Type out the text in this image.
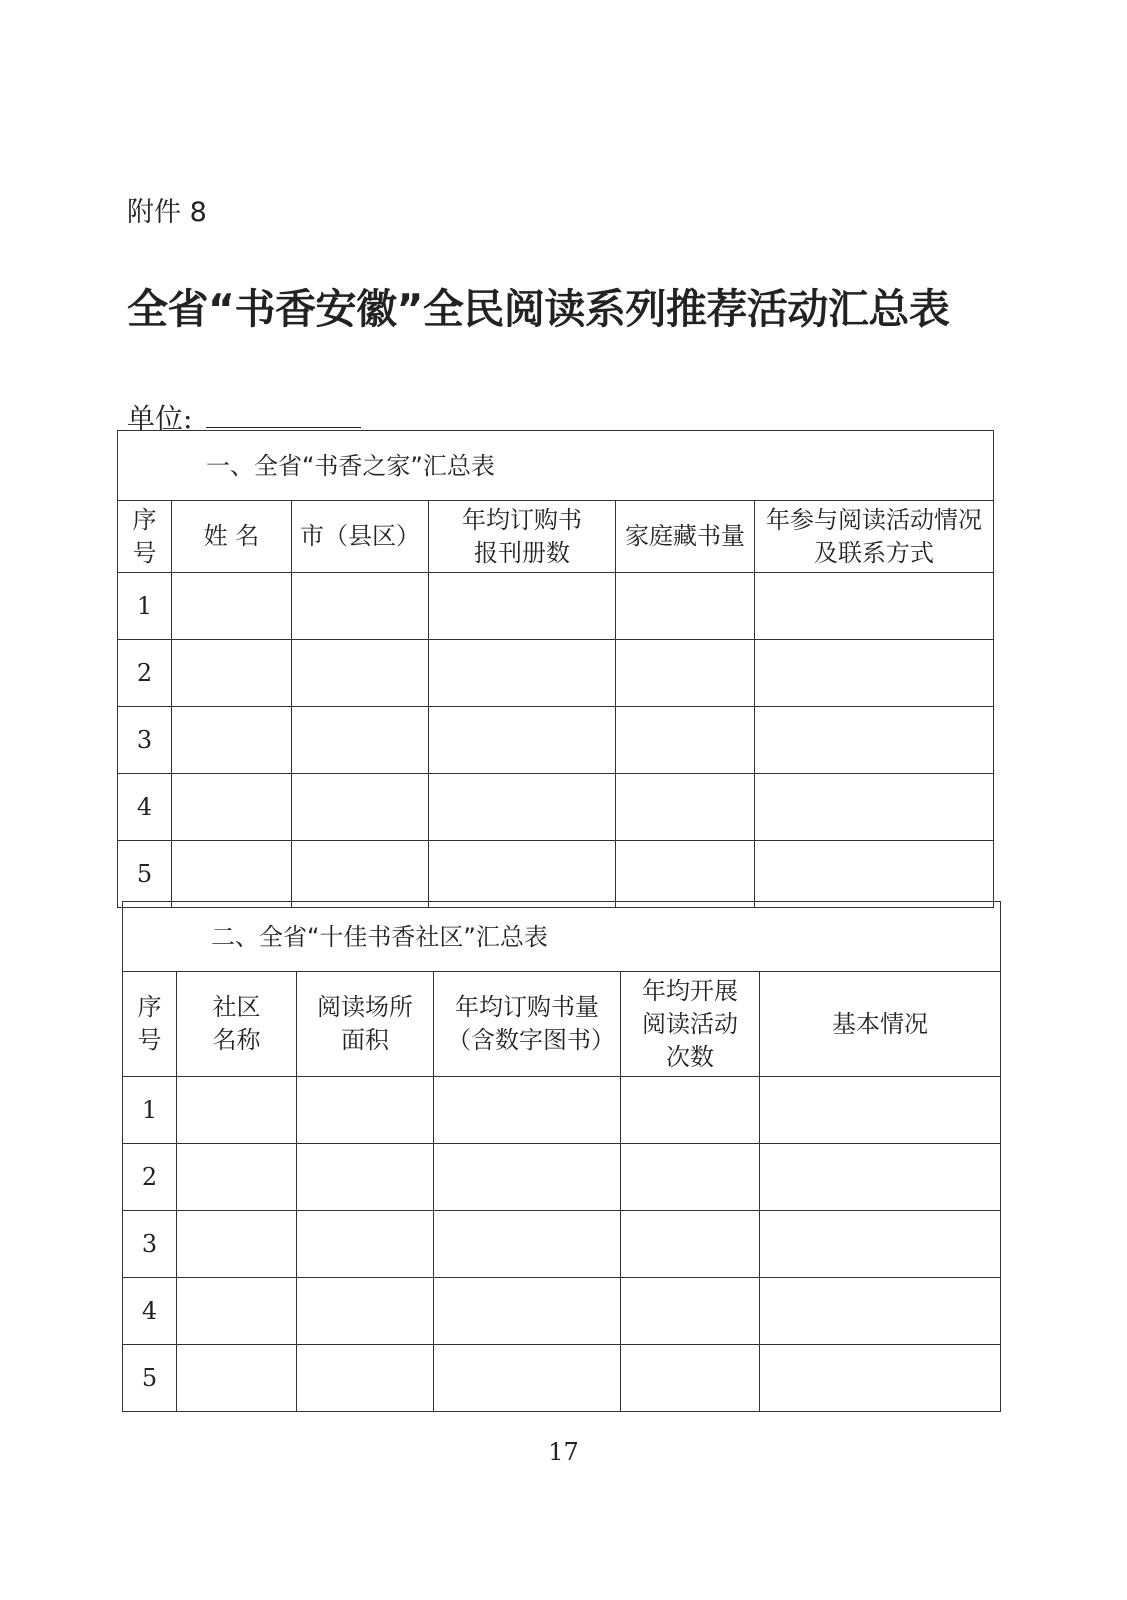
附件 8
全省“书香安徽”全民阅读系列推荐活动汇总表
单位:
一、全省“书香之家”汇总表					
序号	姓 名	市（县区）	年均订购书报刊册数	家庭藏书量	年参与阅读活动情况及联系方式
1					
2					
3					
4					
5					
二、全省“十佳书香社区”汇总表					
序号	社区名称	阅读场所面积	年均订购书量（含数字图书）	年均开展阅读活动次数	基本情况
1					
2					
3					
4					
5					
17
